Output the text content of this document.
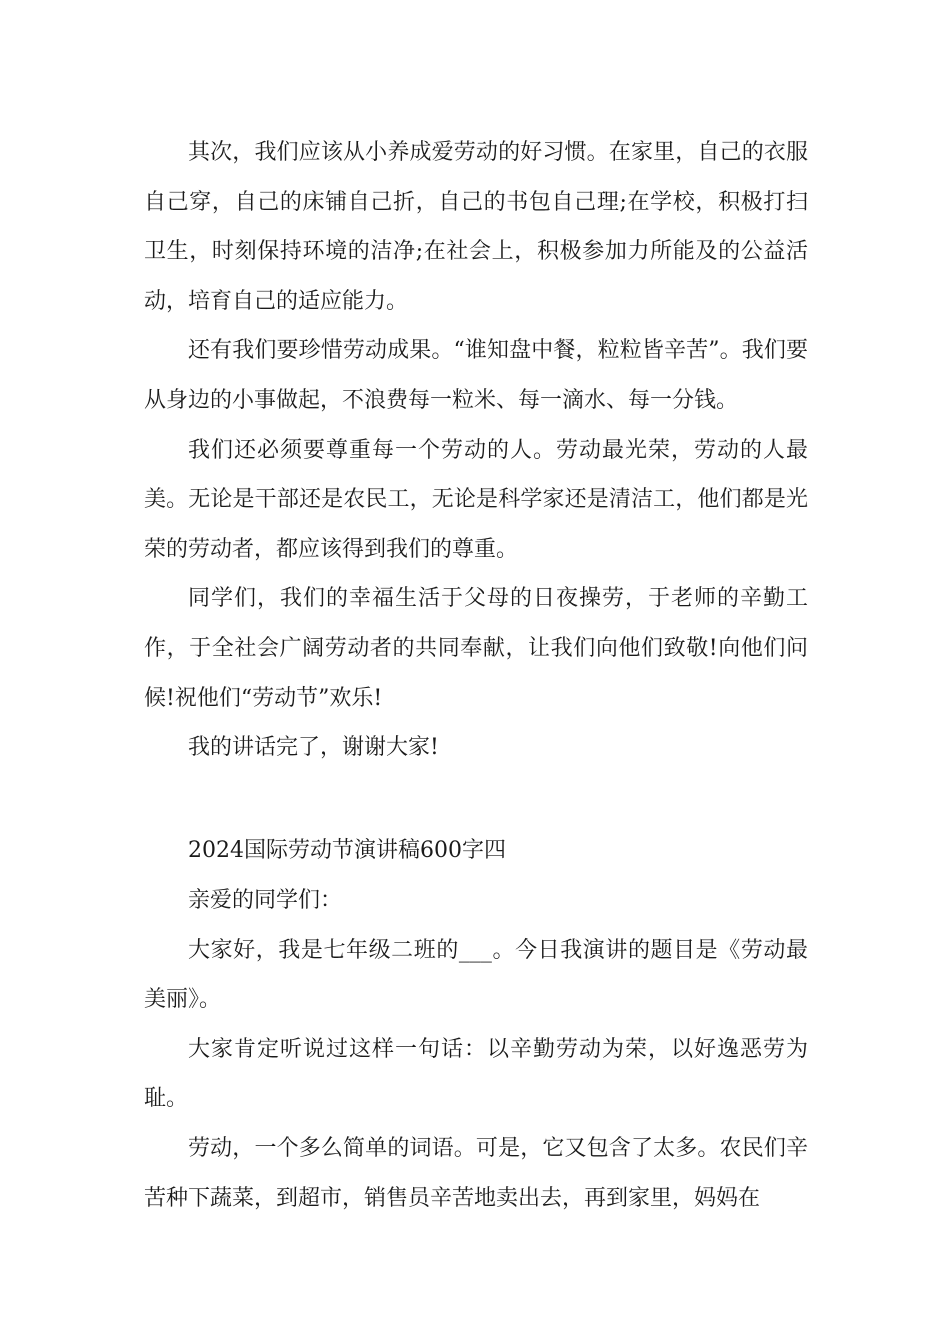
其次，我们应该从小养成爱劳动的好习惯。在家里，自己的衣服自己穿，自己的床铺自己折，自己的书包自己理;在学校，积极打扫卫生，时刻保持环境的洁净;在社会上，积极参加力所能及的公益活动，培育自己的适应能力。

还有我们要珍惜劳动成果。“谁知盘中餐，粒粒皆辛苦”。我们要从身边的小事做起，不浪费每一粒米、每一滴水、每一分钱。

我们还必须要尊重每一个劳动的人。劳动最光荣，劳动的人最美。无论是干部还是农民工，无论是科学家还是清洁工，他们都是光荣的劳动者，都应该得到我们的尊重。

同学们，我们的幸福生活于父母的日夜操劳，于老师的辛勤工作，于全社会广阔劳动者的共同奉献，让我们向他们致敬!向他们问候!祝他们“劳动节”欢乐!

我的讲话完了，谢谢大家!

2024国际劳动节演讲稿600字四

亲爱的同学们：

大家好，我是七年级二班的___。今日我演讲的题目是《劳动最美丽》。

大家肯定听说过这样一句话：以辛勤劳动为荣，以好逸恶劳为耻。

劳动，一个多么简单的词语。可是，它又包含了太多。农民们辛苦种下蔬菜，到超市，销售员辛苦地卖出去，再到家里，妈妈在
